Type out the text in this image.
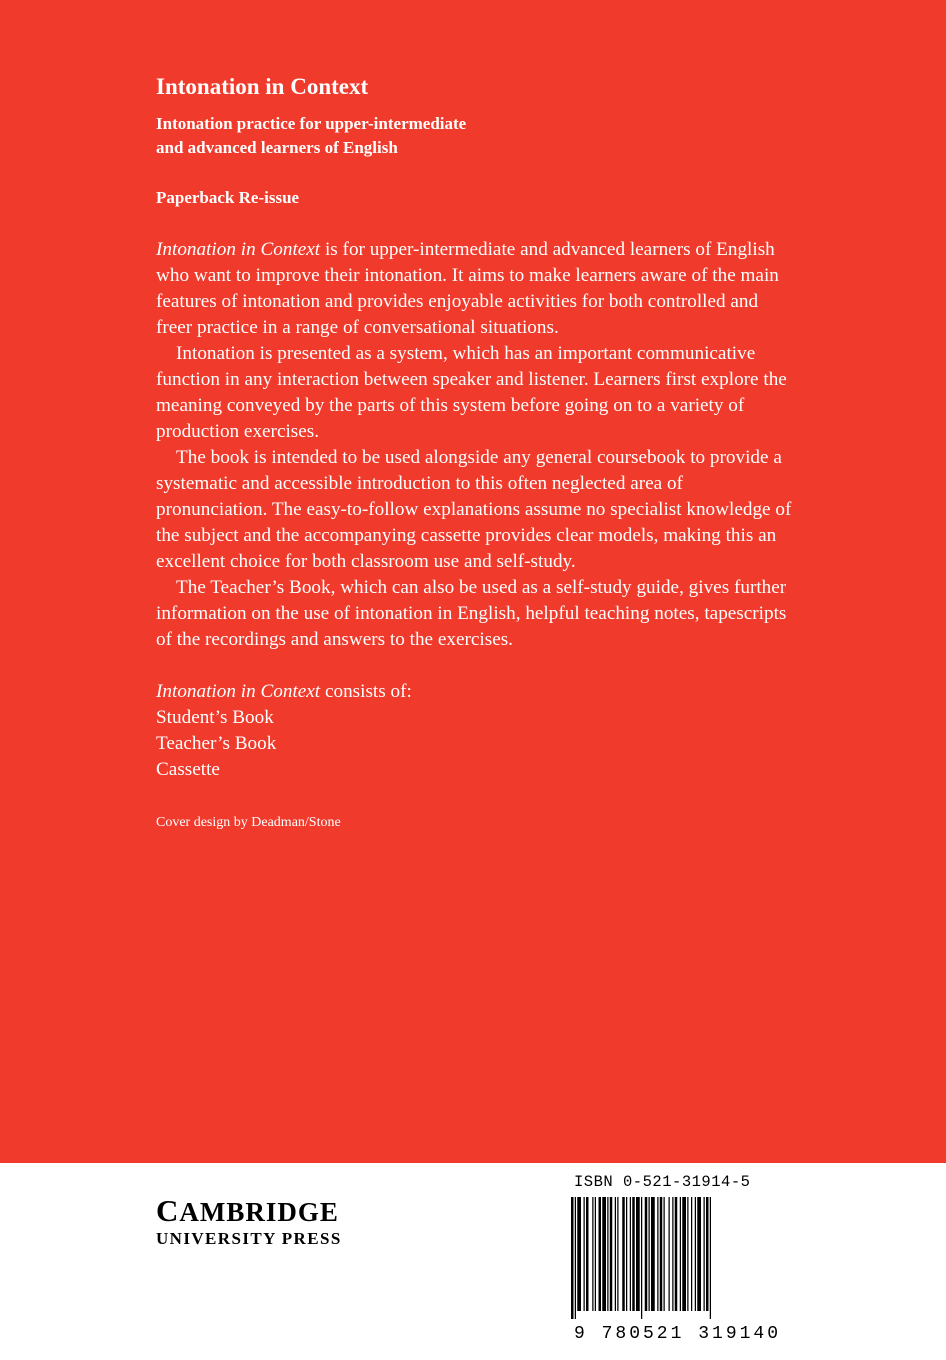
Intonation in Context

Intonation practice for upper-intermediate

and advanced learners of English

Paperback Re-issue

Intonation in Context is for upper-intermediate and advanced learners of English who want to improve their intonation. It aims to make learners aware of the main features of intonation and provides enjoyable activities for both controlled and freer practice in a range of conversational situations.

Intonation is presented as a system, which has an important communicative function in any interaction between speaker and listener. Learners first explore the meaning conveyed by the parts of this system before going on to a variety of production exercises.

The book is intended to be used alongside any general coursebook to provide a systematic and accessible introduction to this often neglected area of pronunciation. The easy-to-follow explanations assume no specialist knowledge of the subject and the accompanying cassette provides clear models, making this an excellent choice for both classroom use and self-study.

The Teacher’s Book, which can also be used as a self-study guide, gives further information on the use of intonation in English, helpful teaching notes, tapescripts of the recordings and answers to the exercises.

Intonation in Context consists of:
Student’s Book
Teacher’s Book
Cassette
Cover design by Deadman/Stone
CAMBRIDGE
UNIVERSITY PRESS
ISBN 0-521-31914-5
9 780521 319140
